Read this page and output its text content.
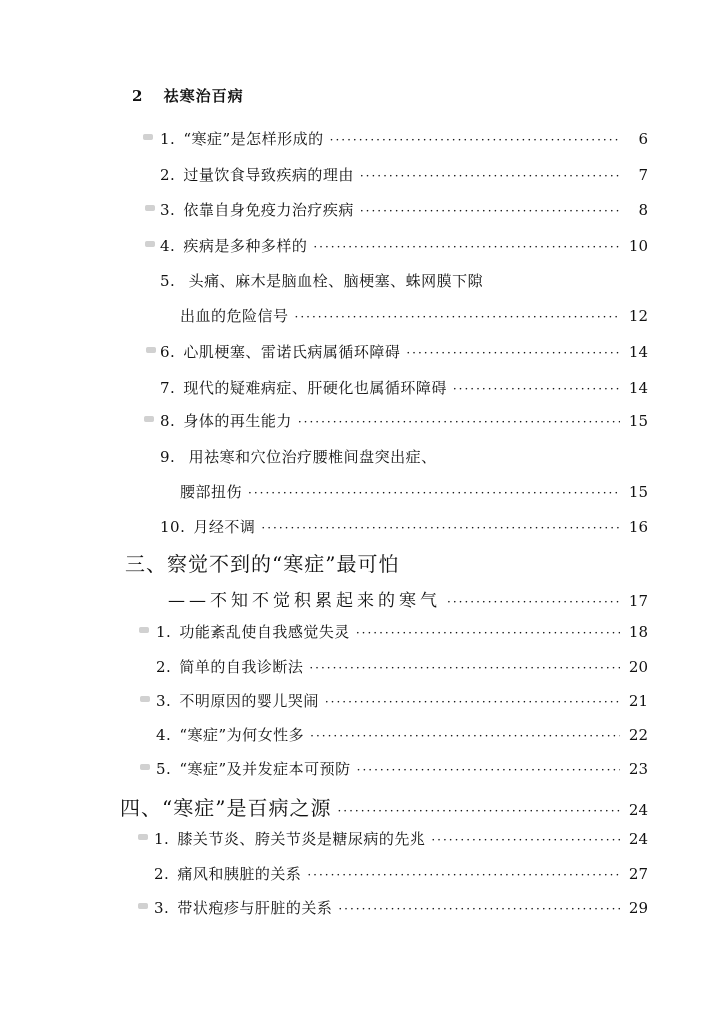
2 祛寒治百病
1. “寒症”是怎样形成的 ·····	6
2. 过量饮食导致疾病的理由 ·····	7
3. 依靠自身免疫力治疗疾病 ·····	8
4. 疾病是多种多样的 ·····	10
5. 头痛、麻木是脑血栓、脑梗塞、蛛网膜下隙
出血的危险信号 ·····	12
6. 心肌梗塞、雷诺氏病属循环障碍 ·····	14
7. 现代的疑难病症、肝硬化也属循环障碍 ·····	14
8. 身体的再生能力 ·····	15
9. 用祛寒和穴位治疗腰椎间盘突出症、
腰部扭伤 ·····	15
10. 月经不调 ·····	16
三、察觉不到的“寒症”最可怕
——不知不觉积累起来的寒气 ·····	17
1. 功能紊乱使自我感觉失灵 ·····	18
2. 简单的自我诊断法 ·····	20
3. 不明原因的婴儿哭闹 ·····	21
4. “寒症”为何女性多 ·····	22
5. “寒症”及并发症本可预防 ·····	23
四、“寒症”是百病之源 ·····	24
1. 膝关节炎、胯关节炎是糖尿病的先兆 ·····	24
2. 痛风和胰脏的关系 ·····	27
3. 带状疱疹与肝脏的关系 ·····	29
